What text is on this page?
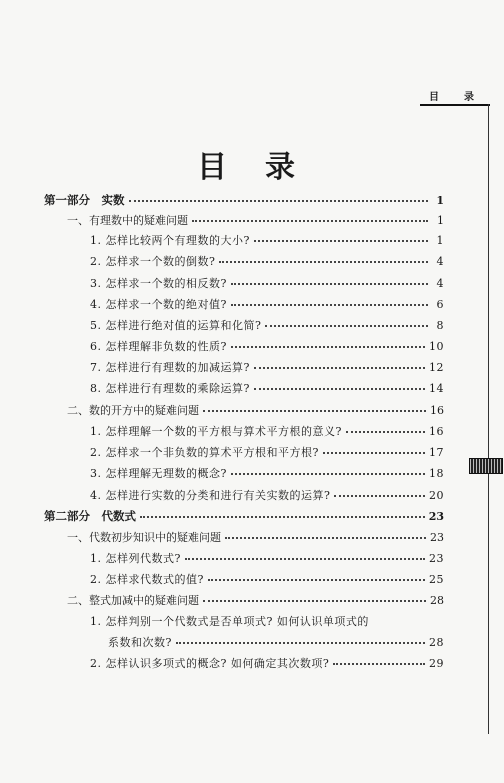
目	录
目 录
第一部分　实数	1
一、有理数中的疑难问题	1
1. 怎样比较两个有理数的大小?	1
2. 怎样求一个数的倒数?	4
3. 怎样求一个数的相反数?	4
4. 怎样求一个数的绝对值?	6
5. 怎样进行绝对值的运算和化简?	8
6. 怎样理解非负数的性质?	10
7. 怎样进行有理数的加减运算?	12
8. 怎样进行有理数的乘除运算?	14
二、数的开方中的疑难问题	16
1. 怎样理解一个数的平方根与算术平方根的意义?	16
2. 怎样求一个非负数的算术平方根和平方根?	17
3. 怎样理解无理数的概念?	18
4. 怎样进行实数的分类和进行有关实数的运算?	20
第二部分　代数式	23
一、代数初步知识中的疑难问题	23
1. 怎样列代数式?	23
2. 怎样求代数式的值?	25
二、整式加减中的疑难问题	28
1. 怎样判别一个代数式是否单项式? 如何认识单项式的
系数和次数?	28
2. 怎样认识多项式的概念? 如何确定其次数项?	29
